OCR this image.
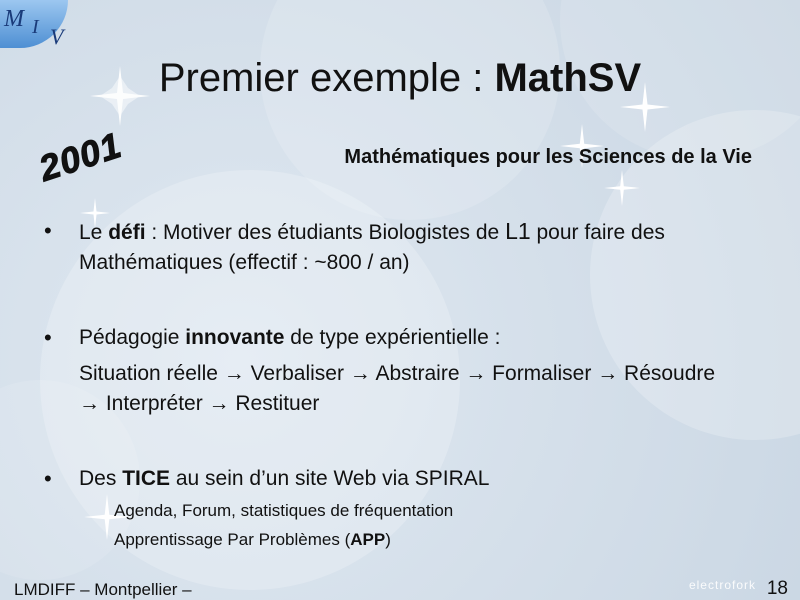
M I V
Premier exemple : MathSV
2001	Mathématiques pour les Sciences de la Vie
• Le défi : Motiver des étudiants Biologistes de L1 pour faire des
Mathématiques (effectif : ~800 / an)
• Pédagogie innovante de type expérientielle :
Situation réelle → Verbaliser → Abstraire → Formaliser → Résoudre
→ Interpréter → Restituer
• Des TICE au sein d’un site Web via SPIRAL
Agenda, Forum, statistiques de fréquentation
Apprentissage Par Problèmes (APP)
LMDIFF – Montpellier –	electrofork 18
